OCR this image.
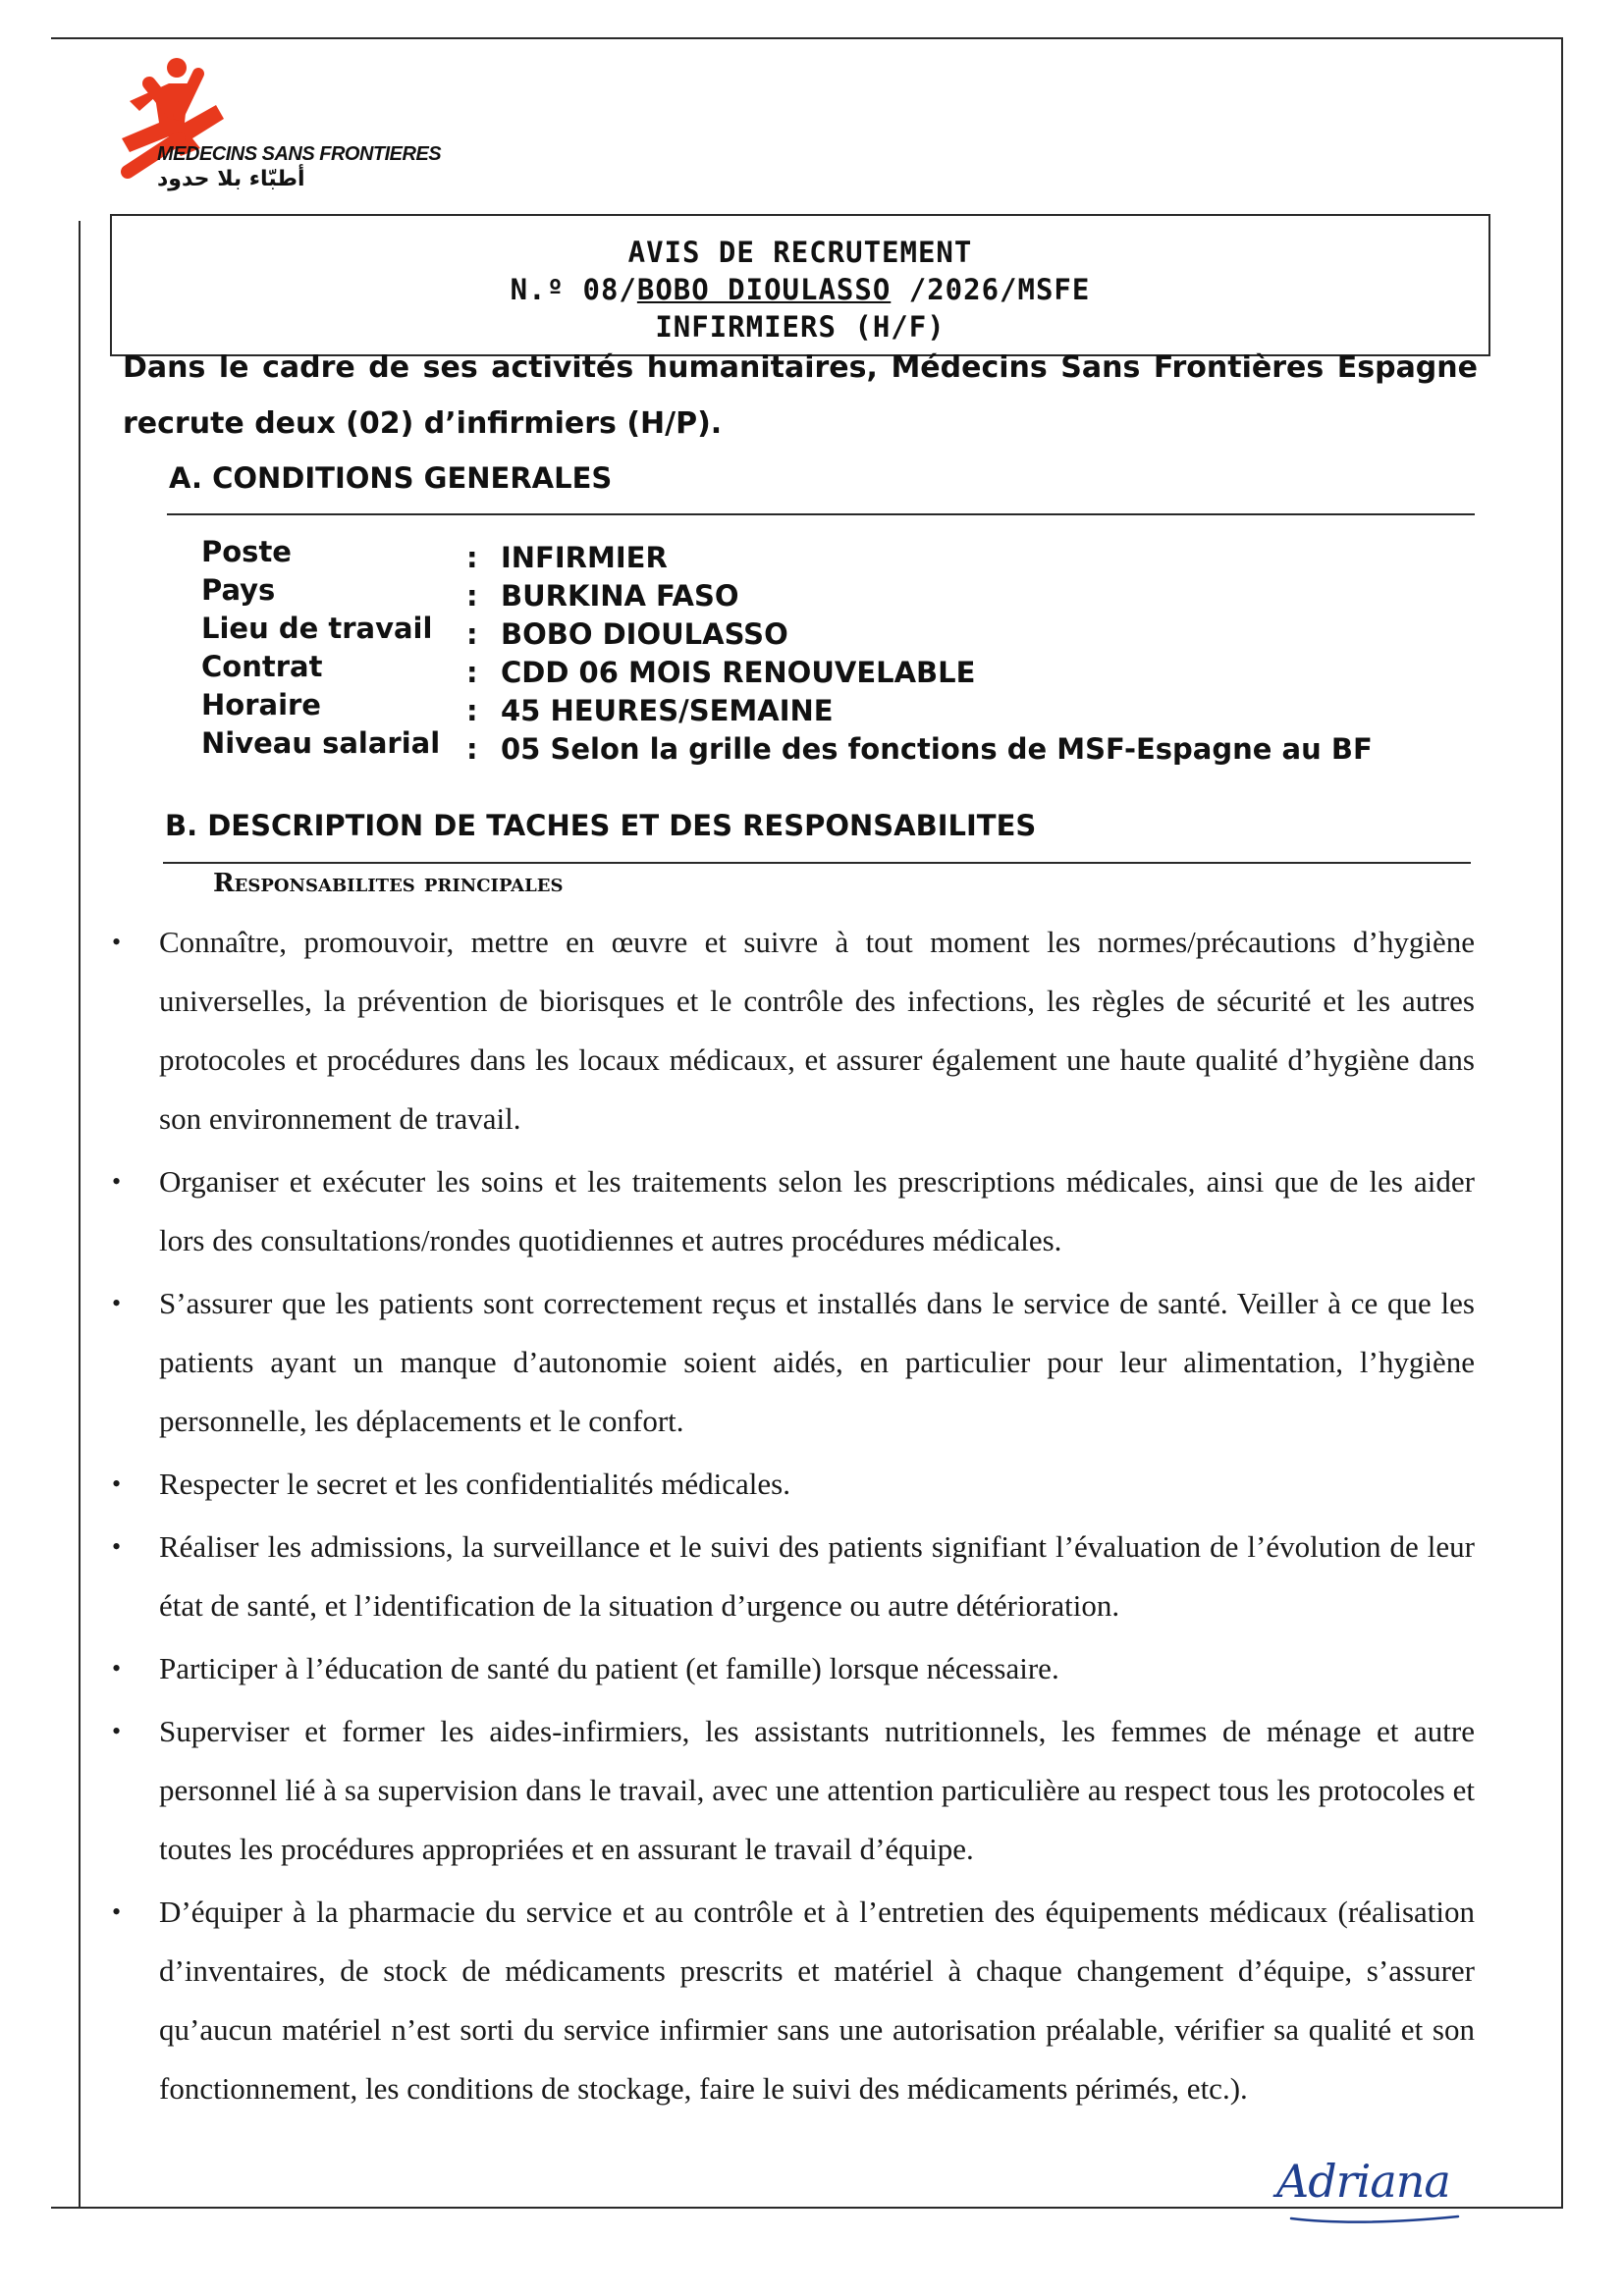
MEDECINS SANS FRONTIERES
أطبّاء بلا حدود
AVIS DE RECRUTEMENT
N.º 08/BOBO DIOULASSO /2026/MSFE
INFIRMIERS (H/F)
Dans le cadre de ses activités humanitaires, Médecins Sans Frontières Espagne recrute deux (02) d’infirmiers (H/P).
A. CONDITIONS GENERALES
Poste	: INFIRMIER
Pays	: BURKINA FASO
Lieu de travail : BOBO DIOULASSO
Contrat	: CDD 06 MOIS RENOUVELABLE
Horaire	: 45 HEURES/SEMAINE
Niveau salarial : 05 Selon la grille des fonctions de MSF-Espagne au BF
B. DESCRIPTION DE TACHES ET DES RESPONSABILITES
Responsabilites principales
• Connaître, promouvoir, mettre en œuvre et suivre à tout moment les normes/précautions d’hygiène universelles, la prévention de biorisques et le contrôle des infections, les règles de sécurité et les autres protocoles et procédures dans les locaux médicaux, et assurer également une haute qualité d’hygiène dans son environnement de travail.
• Organiser et exécuter les soins et les traitements selon les prescriptions médicales, ainsi que de les aider lors des consultations/rondes quotidiennes et autres procédures médicales.
• S’assurer que les patients sont correctement reçus et installés dans le service de santé. Veiller à ce que les patients ayant un manque d’autonomie soient aidés, en particulier pour leur alimentation, l’hygiène personnelle, les déplacements et le confort.
• Respecter le secret et les confidentialités médicales.
• Réaliser les admissions, la surveillance et le suivi des patients signifiant l’évaluation de l’évolution de leur état de santé, et l’identification de la situation d’urgence ou autre détérioration.
• Participer à l’éducation de santé du patient (et famille) lorsque nécessaire.
• Superviser et former les aides-infirmiers, les assistants nutritionnels, les femmes de ménage et autre personnel lié à sa supervision dans le travail, avec une attention particulière au respect tous les protocoles et toutes les procédures appropriées et en assurant le travail d’équipe.
• D’équiper à la pharmacie du service et au contrôle et à l’entretien des équipements médicaux (réalisation d’inventaires, de stock de médicaments prescrits et matériel à chaque changement d’équipe, s’assurer qu’aucun matériel n’est sorti du service infirmier sans une autorisation préalable, vérifier sa qualité et son fonctionnement, les conditions de stockage, faire le suivi des médicaments périmés, etc.).
Adriana
